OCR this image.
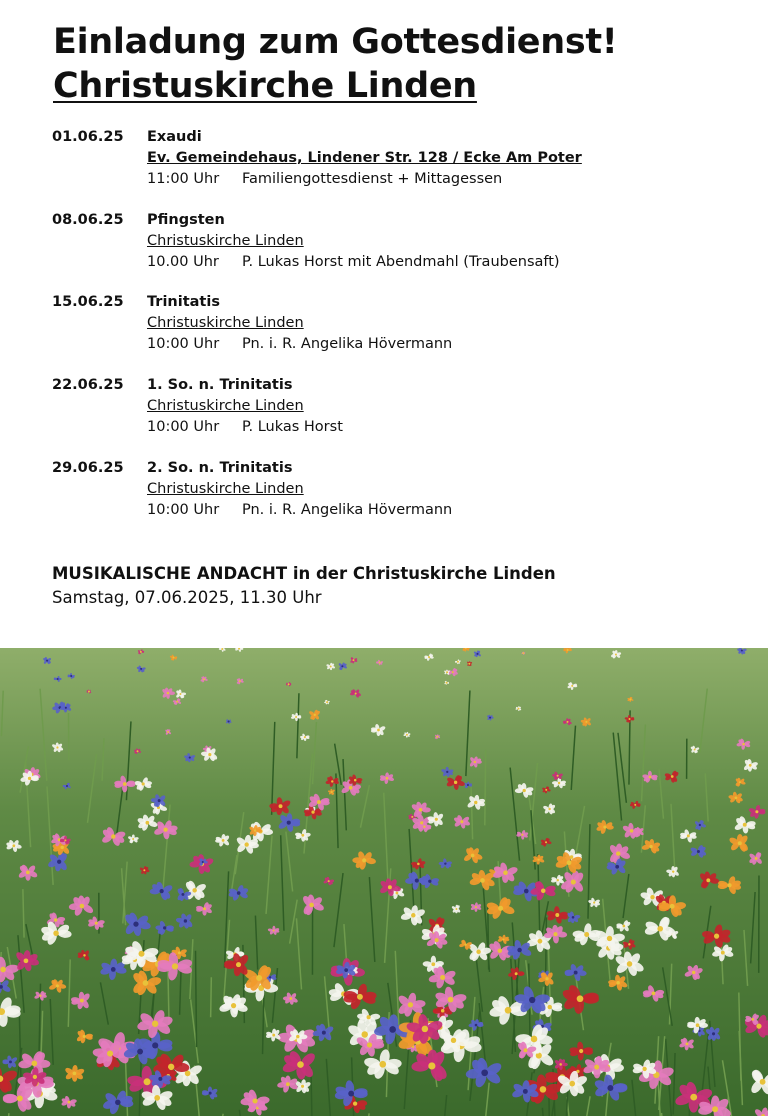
Einladung zum Gottesdienst!
Christuskirche Linden
01.06.25 Exaudi
Ev. Gemeindehaus, Lindener Str. 128 / Ecke Am Poter
11:00 Uhr Familiengottesdienst + Mittagessen
08.06.25 Pfingsten
Christuskirche Linden
10.00 Uhr P. Lukas Horst mit Abendmahl (Traubensaft)
15.06.25 Trinitatis
Christuskirche Linden
10:00 Uhr Pn. i. R. Angelika Hövermann
22.06.25 1. So. n. Trinitatis
Christuskirche Linden
10:00 Uhr P. Lukas Horst
29.06.25 2. So. n. Trinitatis
Christuskirche Linden
10:00 Uhr Pn. i. R. Angelika Hövermann
MUSIKALISCHE ANDACHT in der Christuskirche Linden
Samstag, 07.06.2025, 11.30 Uhr
